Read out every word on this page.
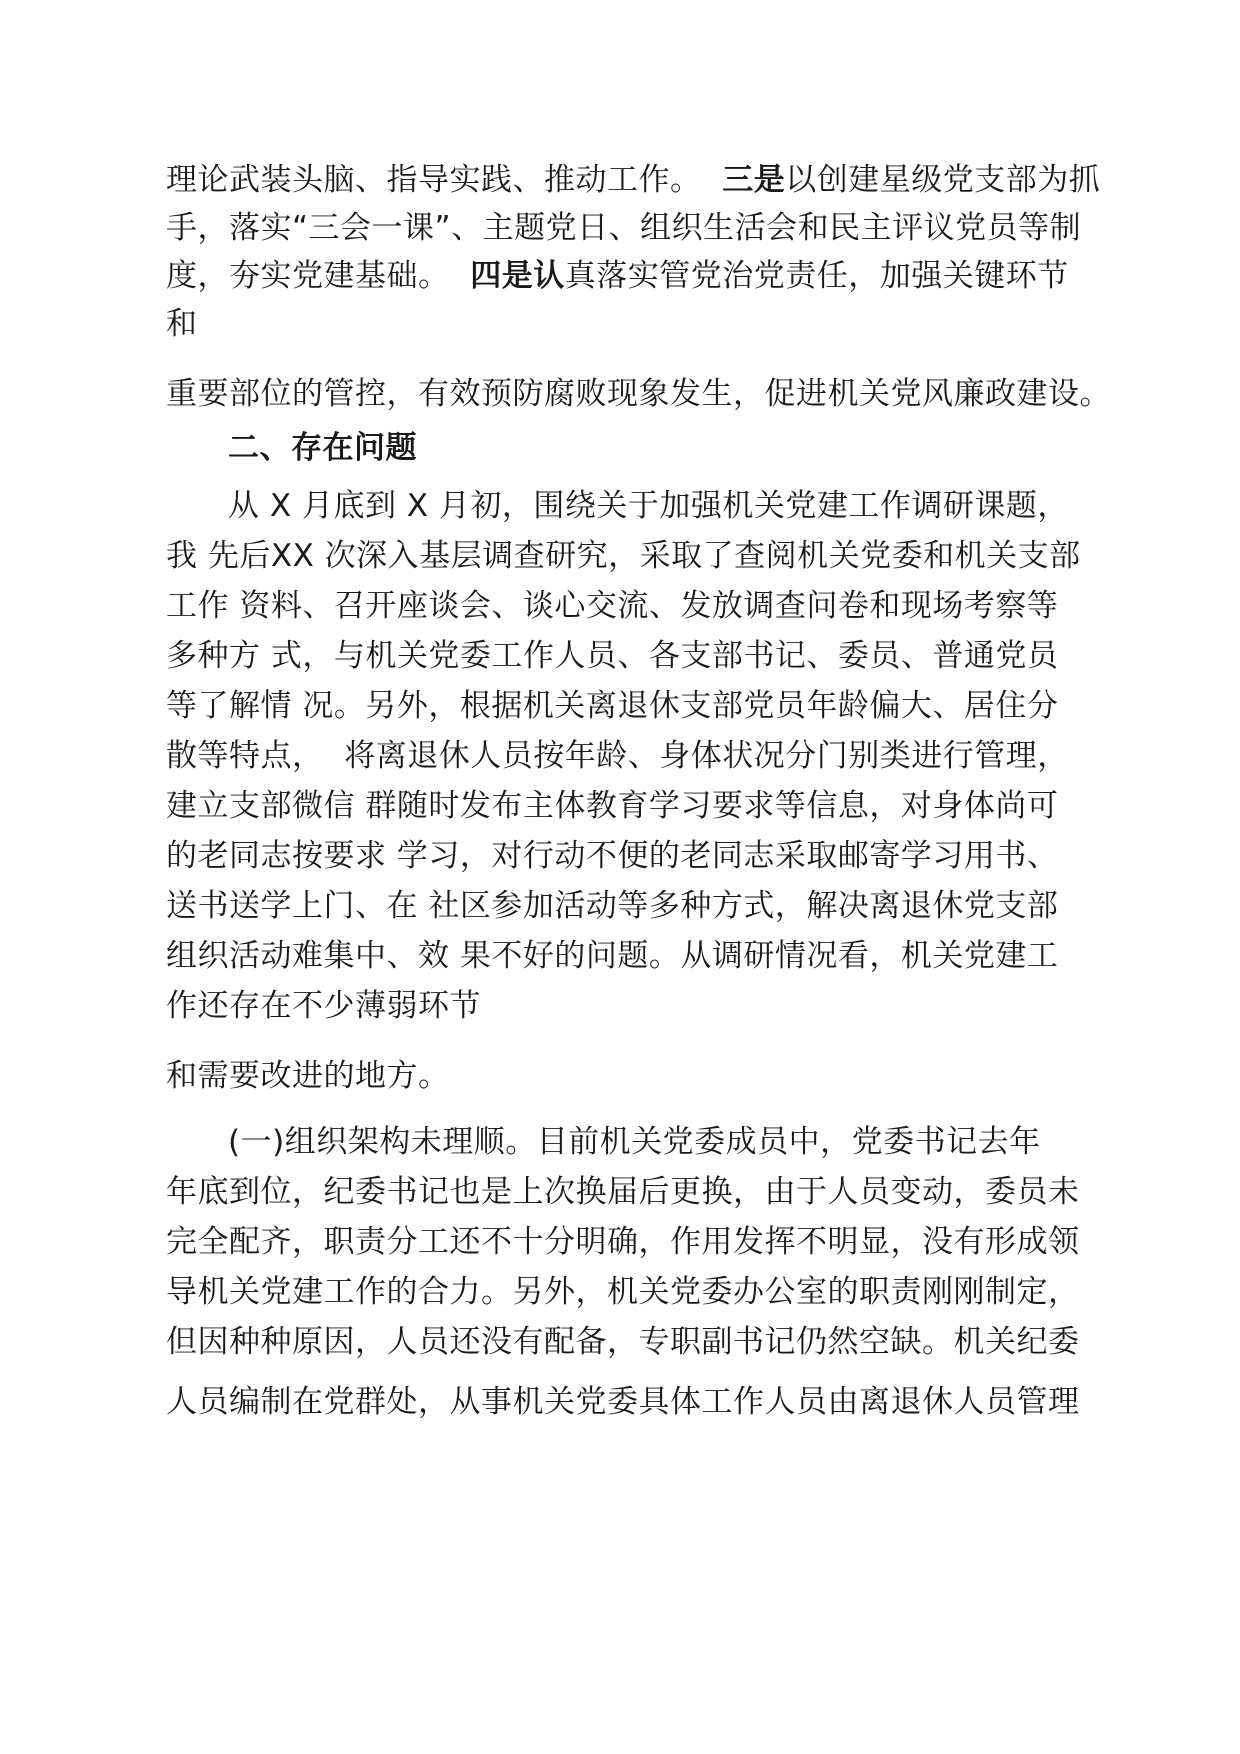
理论武装头脑、指导实践、推动工作。  三是以创建星级党支部为抓
手，落实“三会一课”、主题党日、组织生活会和民主评议党员等制
度，夯实党建基础。  四是认真落实管党治党责任，加强关键环节
和
重要部位的管控，有效预防腐败现象发生，促进机关党风廉政建设。
二、存在问题
从 X 月底到 X 月初，围绕关于加强机关党建工作调研课题，
我 先后XX 次深入基层调查研究，采取了查阅机关党委和机关支部
工作 资料、召开座谈会、谈心交流、发放调查问卷和现场考察等
多种方 式，与机关党委工作人员、各支部书记、委员、普通党员
等了解情 况。另外，根据机关离退休支部党员年龄偏大、居住分
散等特点，  将离退休人员按年龄、身体状况分门别类进行管理，
建立支部微信 群随时发布主体教育学习要求等信息，对身体尚可
的老同志按要求 学习，对行动不便的老同志采取邮寄学习用书、
送书送学上门、在 社区参加活动等多种方式，解决离退休党支部
组织活动难集中、效 果不好的问题。从调研情况看，机关党建工
作还存在不少薄弱环节
和需要改进的地方。
(一)组织架构未理顺。目前机关党委成员中，党委书记去年
年底到位，纪委书记也是上次换届后更换，由于人员变动，委员未
完全配齐，职责分工还不十分明确，作用发挥不明显，没有形成领
导机关党建工作的合力。另外，机关党委办公室的职责刚刚制定，
但因种种原因，人员还没有配备，专职副书记仍然空缺。机关纪委
人员编制在党群处，从事机关党委具体工作人员由离退休人员管理
